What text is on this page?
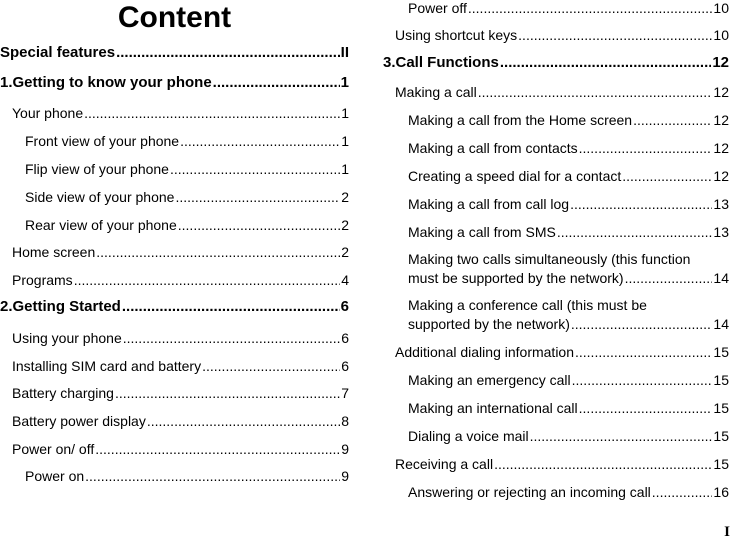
Content
Special features .....	II
1.Getting to know your phone .....	1
Your phone .....	1
Front view of your phone .....	1
Flip view of your phone .....	1
Side view of your phone .....	2
Rear view of your phone .....	2
Home screen .....	2
Programs .....	4
2.Getting Started .....	6
Using your phone .....	6
Installing SIM card and battery .....	6
Battery charging .....	7
Battery power display .....	8
Power on/ off .....	9
Power on .....	9
Power off .....	10
Using shortcut keys .....	10
3.Call Functions .....	12
Making a call .....	12
Making a call from the Home screen .....	12
Making a call from contacts .....	12
Creating a speed dial for a contact .....	12
Making a call from call log .....	13
Making a call from SMS .....	13
Making two calls simultaneously (this function
must be supported by the network) .....	14
Making a conference call (this must be
supported by the network) .....	14
Additional dialing information .....	15
Making an emergency call .....	15
Making an international call .....	15
Dialing a voice mail .....	15
Receiving a call .....	15
Answering or rejecting an incoming call .....	16
I
